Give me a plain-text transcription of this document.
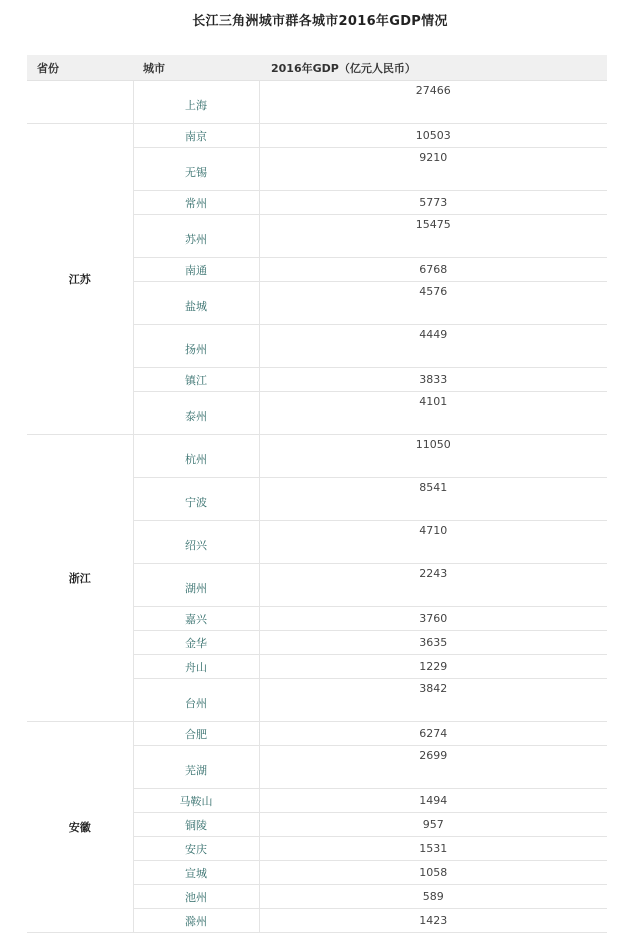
长江三角洲城市群各城市2016年GDP情况
省份	城市	2016年GDP（亿元人民币）
	上海	27466
江苏	南京	10503
	无锡	9210
	常州	5773
	苏州	15475
	南通	6768
	盐城	4576
	扬州	4449
	镇江	3833
	泰州	4101
浙江	杭州	11050
	宁波	8541
	绍兴	4710
	湖州	2243
	嘉兴	3760
	金华	3635
	舟山	1229
	台州	3842
安徽	合肥	6274
	芜湖	2699
	马鞍山	1494
	铜陵	957
	安庆	1531
	宣城	1058
	池州	589
	滁州	1423
